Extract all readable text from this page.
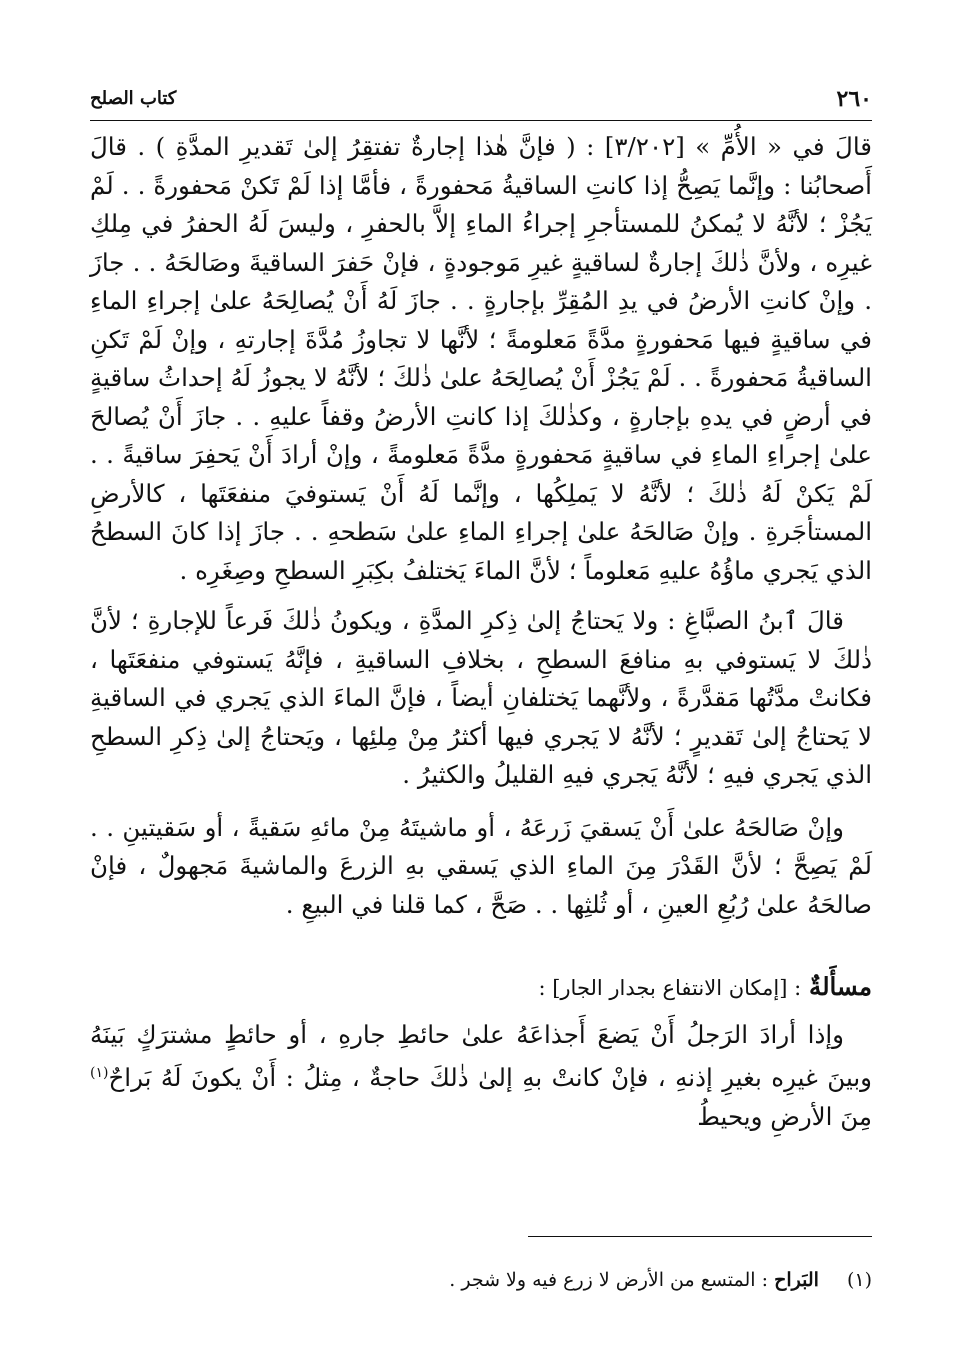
٢٦٠
كتاب الصلح

قالَ في « الأُمِّ » [٣/٢٠٢] : ( فإنَّ هٰذا إجارةٌ تفتقِرُ إلىٰ تَقديرِ المدَّةِ ) . قالَ أَصحابُنا : وإنَّما يَصِحُّ إذا كانتِ الساقيةُ مَحفورةً ، فأمَّا إذا لَمْ تَكنْ مَحفورةً . . لَمْ يَجُزْ ؛ لأنَّهُ لا يُمكنُ للمستأجرِ إجراءُ الماءِ إلاَّ بالحفرِ ، وليسَ لَهُ الحفرُ في مِلكِ غيرِه ، ولأنَّ ذٰلكَ إجارةٌ لساقيةٍ غيرِ مَوجودةٍ ، فإنْ حَفرَ الساقيةَ وصَالحَهُ . . جازَ . وإنْ كانتِ الأرضُ في يدِ المُقِرِّ بإجارةٍ . . جازَ لَهُ أَنْ يُصالِحَهُ علىٰ إجراءِ الماءِ في ساقيةٍ فيها مَحفورةٍ مدَّةً مَعلومةً ؛ لأنَّها لا تجاوزُ مُدَّةَ إجارتهِ ، وإنْ لَمْ تَكنِ الساقيةُ مَحفورةً . . لَمْ يَجُزْ أَنْ يُصالِحَهُ علىٰ ذٰلكَ ؛ لأنَّهُ لا يجوزُ لَهُ إحداثُ ساقيةٍ في أرضٍ في يدهِ بإجارةٍ ، وكذٰلكَ إذا كانتِ الأرضُ وقفاً عليهِ . . جازَ أَنْ يُصالحَ علىٰ إجراءِ الماءِ في ساقيةٍ مَحفورةٍ مدَّةً مَعلومةً ، وإنْ أرادَ أَنْ يَحفِرَ ساقيةً . . لَمْ يَكنْ لَهُ ذٰلكَ ؛ لأنَّهُ لا يَملِكُها ، وإنَّما لَهُ أَنْ يَستوفيَ منفعَتَها ، كالأرضِ المستأجَرةِ . وإنْ صَالحَهُ علىٰ إجراءِ الماءِ علىٰ سَطحهِ . . جازَ إذا كانَ السطحُ الذي يَجري ماؤُهُ عليهِ مَعلوماً ؛ لأنَّ الماءَ يَختلفُ بكِبَرِ السطحِ وصِغَرِه .

قالَ ٱبنُ الصبَّاغِ : ولا يَحتاجُ إلىٰ ذِكرِ المدَّةِ ، ويكونُ ذٰلكَ فَرعاً للإجارةِ ؛ لأنَّ ذٰلكَ لا يَستوفي بهِ منافعَ السطحِ ، بخلافِ الساقيةِ ، فإنَّهُ يَستوفي منفعَتَها ، فكانتْ مدَّتُها مَقدَّرةً ، ولأنَّهما يَختلفانِ أيضاً ، فإنَّ الماءَ الذي يَجري في الساقيةِ لا يَحتاجُ إلىٰ تَقديرٍ ؛ لأنَّهُ لا يَجري فيها أكثرُ مِنْ مِلئِها ، ويَحتاجُ إلىٰ ذِكرِ السطحِ الذي يَجري فيهِ ؛ لأنَّهُ يَجري فيهِ القليلُ والكثيرُ .

وإنْ صَالحَهُ علىٰ أَنْ يَسقيَ زَرعَهُ ، أو ماشيتَهُ مِنْ مائهِ سَقيةً ، أو سَقيتينِ . . لَمْ يَصِحَّ ؛ لأنَّ القَدْرَ مِنَ الماءِ الذي يَسقي بهِ الزرعَ والماشيةَ مَجهولٌ ، فإنْ صالحَهُ علىٰ رُبُعِ العينِ ، أو ثُلثِها . . صَحَّ ، كما قلنا في البيعِ .

مسأَلةٌ : [إمكان الانتفاع بجدار الجار] :

وإذا أرادَ الرَجلُ أَنْ يَضعَ أَجذاعَهُ علىٰ حائطِ جارهِ ، أو حائطٍ مشترَكٍ بَينَهُ وبينَ غيرِه بغيرِ إذنهِ ، فإنْ كانتْ بهِ إلىٰ ذٰلكَ حاجةٌ ، مِثلُ : أَنْ يكونَ لَهُ بَراحٌ$^{(١)}$ مِنَ الأرضِ ويحيطُ

(١) البَراح : المتسع من الأرض لا زرع فيه ولا شجر .
